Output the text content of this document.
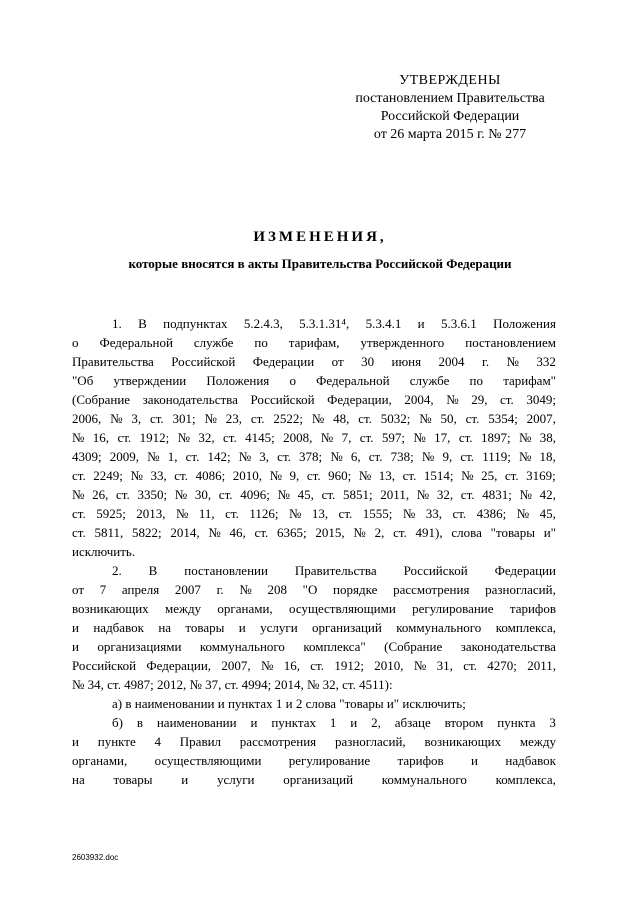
УТВЕРЖДЕНЫ
постановлением Правительства
Российской Федерации
от 26 марта 2015 г. № 277
ИЗМЕНЕНИЯ,
которые вносятся в акты Правительства Российской Федерации
1. В подпунктах 5.2.4.3, 5.3.1.31⁴, 5.3.4.1 и 5.3.6.1 Положения
о Федеральной службе по тарифам, утвержденного постановлением
Правительства Российской Федерации от 30 июня 2004 г. № 332
"Об утверждении Положения о Федеральной службе по тарифам"
(Собрание законодательства Российской Федерации, 2004, № 29, ст. 3049;
2006, № 3, ст. 301; № 23, ст. 2522; № 48, ст. 5032; № 50, ст. 5354; 2007,
№ 16, ст. 1912; № 32, ст. 4145; 2008, № 7, ст. 597; № 17, ст. 1897; № 38,
4309; 2009, № 1, ст. 142; № 3, ст. 378; № 6, ст. 738; № 9, ст. 1119; № 18,
ст. 2249; № 33, ст. 4086; 2010, № 9, ст. 960; № 13, ст. 1514; № 25, ст. 3169;
№ 26, ст. 3350; № 30, ст. 4096; № 45, ст. 5851; 2011, № 32, ст. 4831; № 42,
ст. 5925; 2013, № 11, ст. 1126; № 13, ст. 1555; № 33, ст. 4386; № 45,
ст. 5811, 5822; 2014, № 46, ст. 6365; 2015, № 2, ст. 491), слова "товары и"
исключить.
2. В постановлении Правительства Российской Федерации
от 7 апреля 2007 г. № 208 "О порядке рассмотрения разногласий,
возникающих между органами, осуществляющими регулирование тарифов
и надбавок на товары и услуги организаций коммунального комплекса,
и организациями коммунального комплекса" (Собрание законодательства
Российской Федерации, 2007, № 16, ст. 1912; 2010, № 31, ст. 4270; 2011,
№ 34, ст. 4987; 2012, № 37, ст. 4994; 2014, № 32, ст. 4511):
а) в наименовании и пунктах 1 и 2 слова "товары и" исключить;
б) в наименовании и пунктах 1 и 2, абзаце втором пункта 3
и пункте 4 Правил рассмотрения разногласий, возникающих между
органами, осуществляющими регулирование тарифов и надбавок
на товары и услуги организаций коммунального комплекса,
2603932.doc
